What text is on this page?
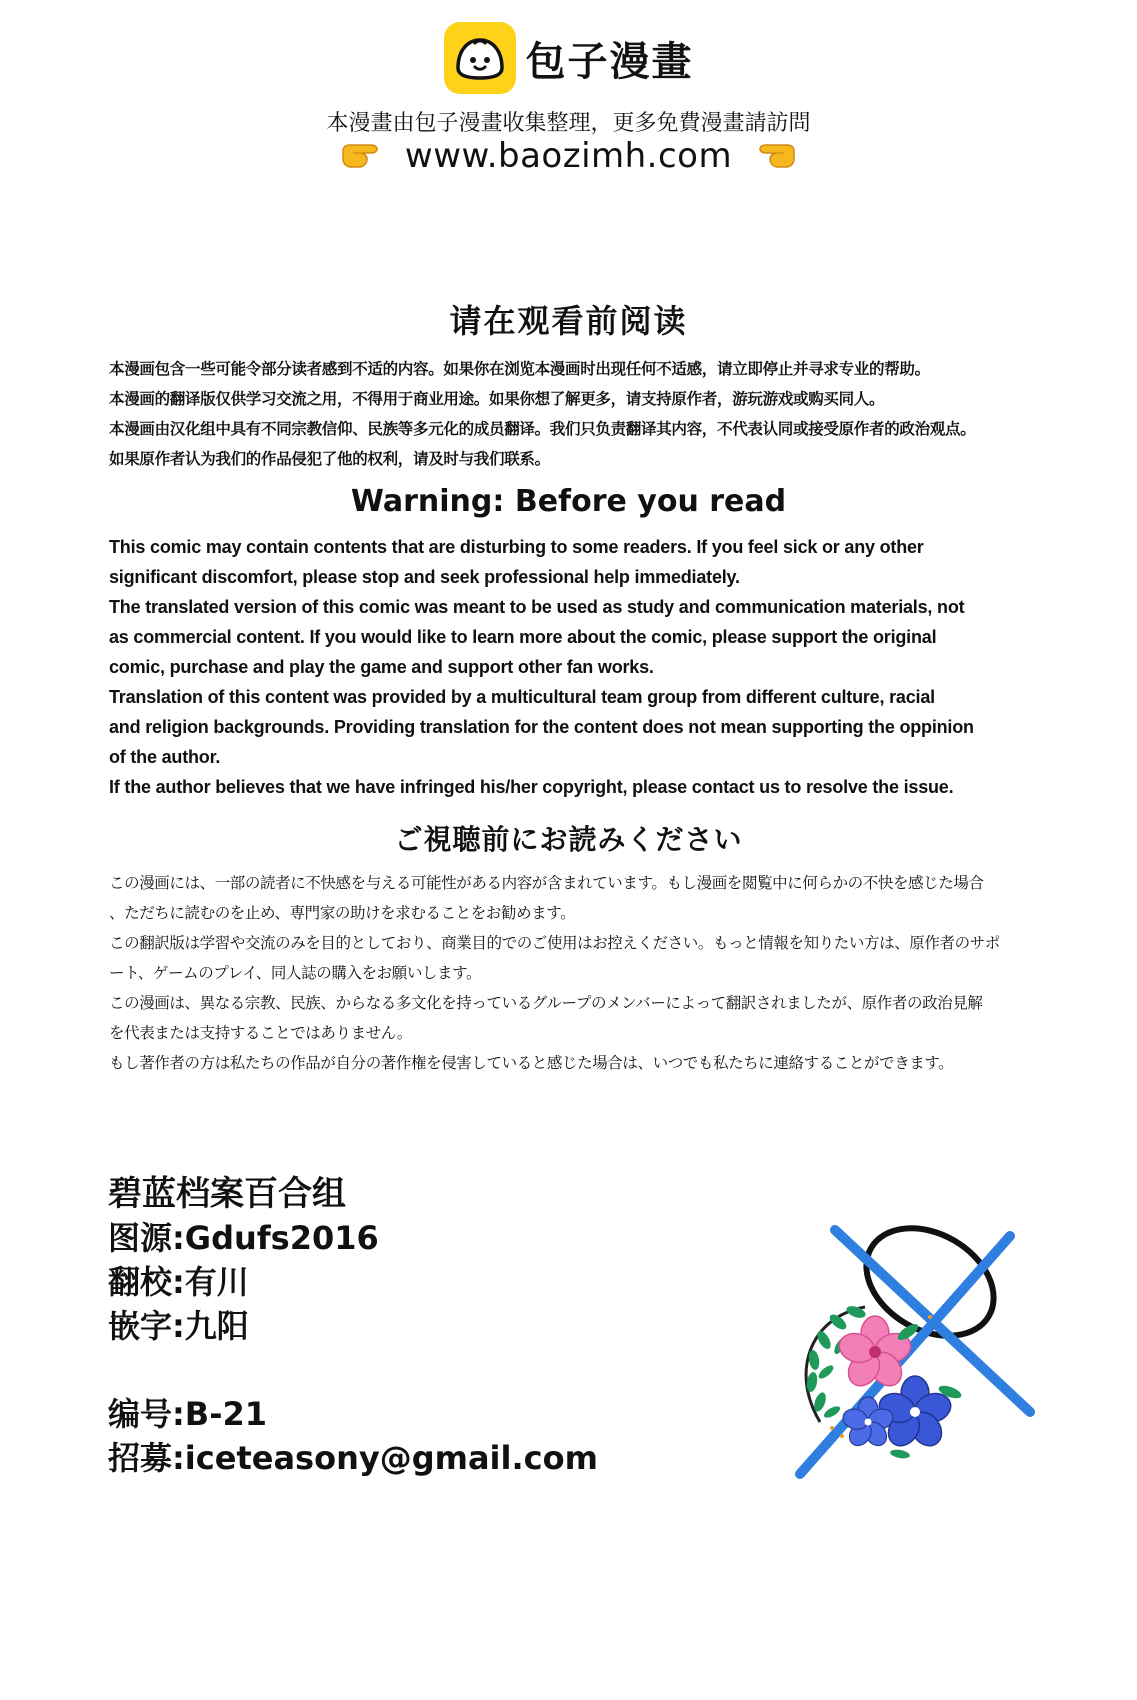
包子漫畫
本漫畫由包子漫畫收集整理，更多免費漫畫請訪問
www.baozimh.com
请在观看前阅读

本漫画包含一些可能令部分读者感到不适的内容。如果你在浏览本漫画时出现任何不适感，请立即停止并寻求专业的帮助。

本漫画的翻译版仅供学习交流之用，不得用于商业用途。如果你想了解更多，请支持原作者，游玩游戏或购买同人。

本漫画由汉化组中具有不同宗教信仰、民族等多元化的成员翻译。我们只负责翻译其内容，不代表认同或接受原作者的政治观点。

如果原作者认为我们的作品侵犯了他的权利，请及时与我们联系。

Warning: Before you read

This comic may contain contents that are disturbing to some readers. If you feel sick or any other

significant discomfort, please stop and seek professional help immediately.

The translated version of this comic was meant to be used as study and communication materials, not

as commercial content. If you would like to learn more about the comic, please support the original

comic, purchase and play the game and support other fan works.

Translation of this content was provided by a multicultural team group from different culture, racial

and religion backgrounds. Providing translation for the content does not mean supporting the oppinion

of the author.

If the author believes that we have infringed his/her copyright, please contact us to resolve the issue.

ご視聴前にお読みください

この漫画には、一部の読者に不快感を与える可能性がある内容が含まれています。もし漫画を閲覧中に何らかの不快を感じた場合

、ただちに読むのを止め、専門家の助けを求むることをお勧めます。

この翻訳版は学習や交流のみを目的としており、商業目的でのご使用はお控えください。もっと情報を知りたい方は、原作者のサポ

ート、ゲームのプレイ、同人誌の購入をお願いします。

この漫画は、異なる宗教、民族、からなる多文化を持っているグループのメンバーによって翻訳されましたが、原作者の政治見解

を代表または支持することではありません。

もし著作者の方は私たちの作品が自分の著作権を侵害していると感じた場合は、いつでも私たちに連絡することができます。

碧蓝档案百合组
图源:Gdufs2016
翻校:有川
嵌字:九阳
编号:B-21
招募:iceteasony@gmail.com
